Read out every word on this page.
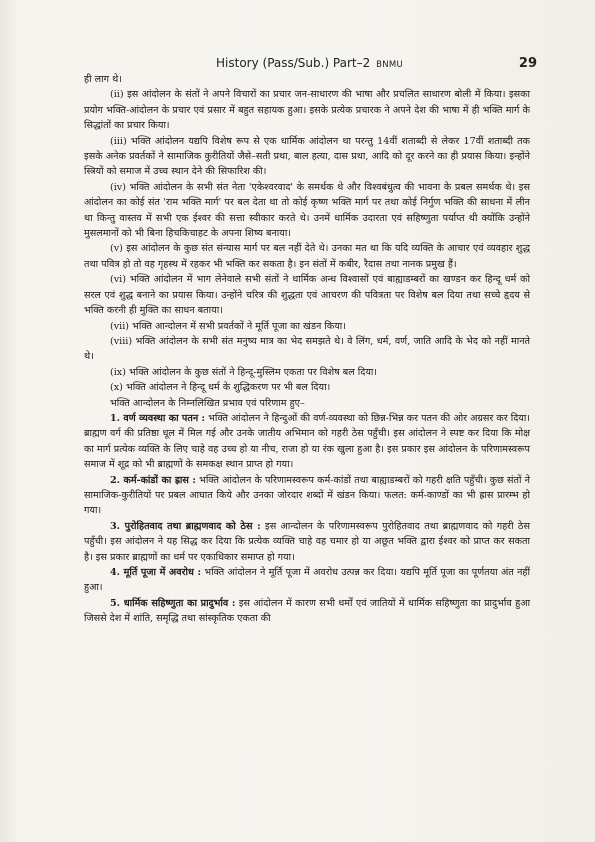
History (Pass/Sub.) Part–2 BNMU	29

ही लाग थे।

(ii) इस आंदोलन के संतों ने अपने विचारों का प्रचार जन-साधारण की भाषा और प्रचलित साधारण बोली में किया। इसका प्रयोग भक्ति-आंदोलन के प्रचार एवं प्रसार में बहुत सहायक हुआ। इसके प्रत्येक प्रचारक ने अपने देश की भाषा में ही भक्ति मार्ग के सिद्धांतों का प्रचार किया।

(iii) भक्ति आंदोलन यद्यपि विशेष रूप से एक धार्मिक आंदोलन था परन्तु 14वीं शताब्दी से लेकर 17वीं शताब्दी तक इसके अनेक प्रवर्तकों ने सामाजिक कुरीतियों जैसे–सती प्रथा, बाल हत्या, दास प्रथा, आदि को दूर करने का ही प्रयास किया। इन्होंने स्त्रियों को समाज में उच्च स्थान देने की सिफारिश की।

(iv) भक्ति आंदोलन के सभी संत नेता 'एकेश्वरवाद' के समर्थक थे और विश्वबंधुत्व की भावना के प्रबल समर्थक थे। इस आंदोलन का कोई संत 'राम भक्ति मार्ग' पर बल देता था तो कोई कृष्ण भक्ति मार्ग पर तथा कोई निर्गुण भक्ति की साधना में लीन था किन्तु वास्तव में सभी एक ईश्वर की सत्ता स्वीकार करते थे। उनमें धार्मिक उदारता एवं सहिष्णुता पर्याप्त थी क्योंकि उन्होंने मुसलमानों को भी बिना हिचकिचाहट के अपना शिष्य बनाया।

(v) इस आंदोलन के कुछ संत संन्यास मार्ग पर बल नहीं देते थे। उनका मत था कि यदि व्यक्ति के आचार एवं व्यवहार शुद्ध तथा पवित्र हो तो वह गृहस्थ में रहकर भी भक्ति कर सकता है। इन संतों में कबीर, रैदास तथा नानक प्रमुख हैं।

(vi) भक्ति आंदोलन में भाग लेनेवाले सभी संतों ने धार्मिक अन्ध विश्वासों एवं बाह्याडम्बरों का खण्डन कर हिन्दू धर्म को सरल एवं शुद्ध बनाने का प्रयास किया। उन्होंने चरित्र की शुद्धता एवं आचरण की पवित्रता पर विशेष बल दिया तथा सच्चे हृदय से भक्ति करनी ही मुक्ति का साधन बताया।

(vii) भक्ति आन्दोलन में सभी प्रवर्तकों ने मूर्ति पूजा का खंडन किया।

(viii) भक्ति आंदोलन के सभी संत मनुष्य मात्र का भेद समझते थे। वे लिंग, धर्म, वर्ण, जाति आदि के भेद को नहीं मानते थे।

(ix) भक्ति आंदोलन के कुछ संतों ने हिन्दू-मुस्लिम एकता पर विशेष बल दिया।

(x) भक्ति आंदोलन ने हिन्दू धर्म के शुद्धिकरण पर भी बल दिया।

भक्ति आन्दोलन के निम्नलिखित प्रभाव एवं परिणाम हुए–

1. वर्ण व्यवस्था का पतन : भक्ति आंदोलन ने हिन्दुओं की वर्ण-व्यवस्था को छिन्न-भिन्न कर पतन की ओर अग्रसर कर दिया। ब्राह्मण वर्ग की प्रतिष्ठा धूल में मिल गई और उनके जातीय अभिमान को गहरी ठेस पहुँची। इस आंदोलन ने स्पष्ट कर दिया कि मोक्ष का मार्ग प्रत्येक व्यक्ति के लिए चाहे वह उच्च हो या नीच, राजा हो या रंक खुला हुआ है। इस प्रकार इस आंदोलन के परिणामस्वरूप समाज में शूद्र को भी ब्राह्मणों के समकक्ष स्थान प्राप्त हो गया।

2. कर्म-कांडों का ह्रास : भक्ति आंदोलन के परिणामस्वरूप कर्म-कांडों तथा बाह्याडम्बरों को गहरी क्षति पहुँची। कुछ संतों ने सामाजिक-कुरीतियों पर प्रबल आघात किये और उनका जोरदार शब्दों में खंडन किया। फलत: कर्म-काण्डों का भी ह्रास प्रारम्भ हो गया।

3. पुरोहितवाद तथा ब्राह्मणवाद को ठेस : इस आन्दोलन के परिणामस्वरूप पुरोहितवाद तथा ब्राह्मणवाद को गहरी ठेस पहुँची। इस आंदोलन ने यह सिद्ध कर दिया कि प्रत्येक व्यक्ति चाहे वह चमार हो या अछूत भक्ति द्वारा ईश्वर को प्राप्त कर सकता है। इस प्रकार ब्राह्मणों का धर्म पर एकाधिकार समाप्त हो गया।

4. मूर्ति पूजा में अवरोध : भक्ति आंदोलन ने मूर्ति पूजा में अवरोध उत्पन्न कर दिया। यद्यपि मूर्ति पूजा का पूर्णतया अंत नहीं हुआ।

5. धार्मिक सहिष्णुता का प्रादुर्भाव : इस आंदोलन में कारण सभी धर्मों एवं जातियों में धार्मिक सहिष्णुता का प्रादुर्भाव हुआ जिससे देश में शांति, समृद्धि तथा सांस्कृतिक एकता की
